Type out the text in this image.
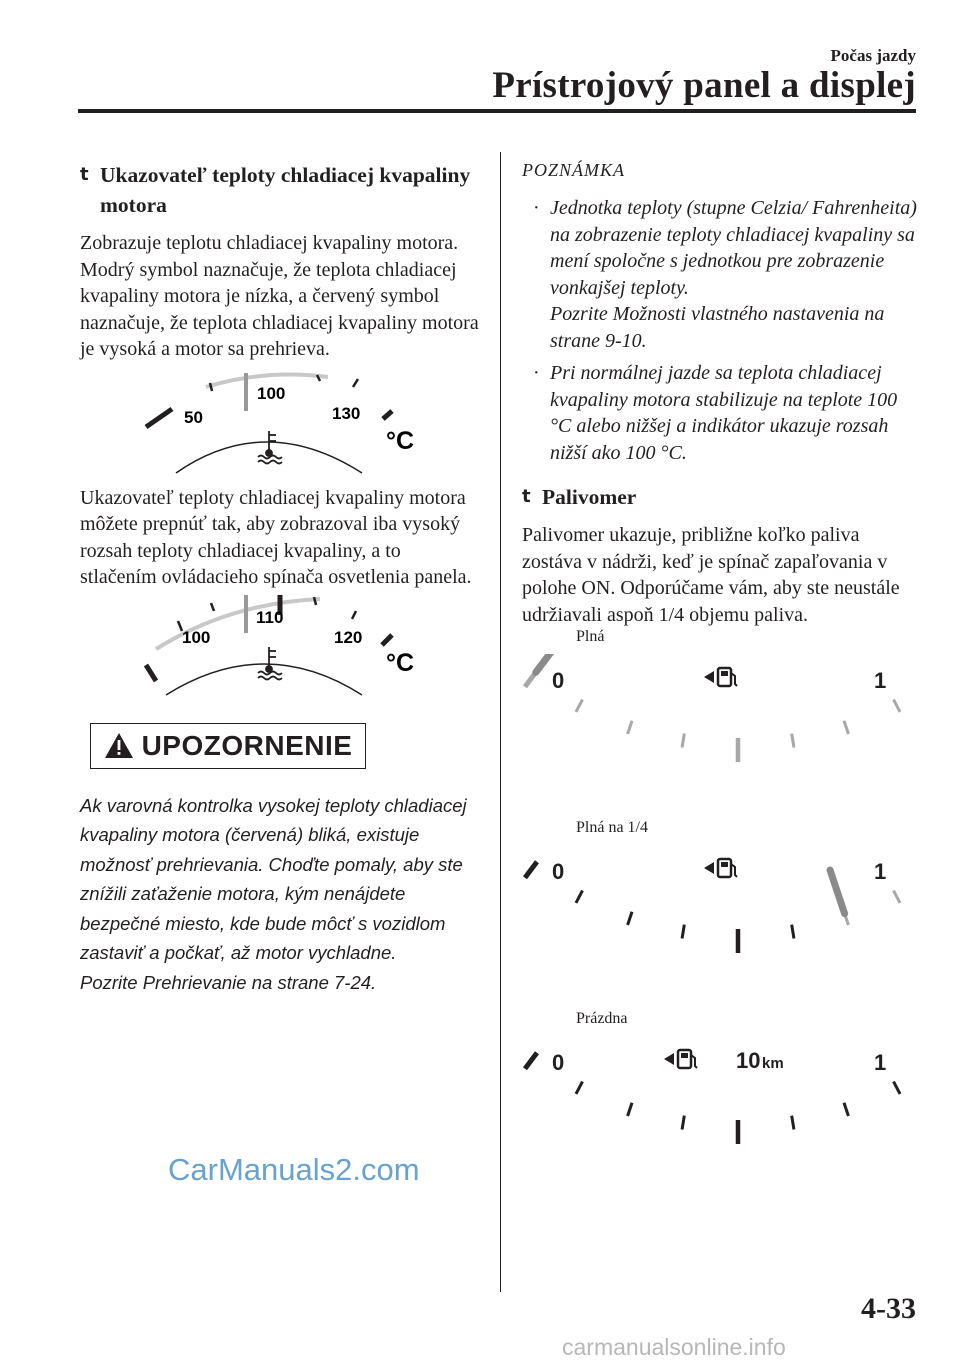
Počas jazdy
Prístrojový panel a displej
t Ukazovateľ teploty chladiacej kvapaliny motora

Zobrazuje teplotu chladiacej kvapaliny motora. Modrý symbol naznačuje, že teplota chladiacej kvapaliny motora je nízka, a červený symbol naznačuje, že teplota chladiacej kvapaliny motora je vysoká a motor sa prehrieva.

50
100
130
°C

Ukazovateľ teploty chladiacej kvapaliny motora môžete prepnúť tak, aby zobrazoval iba vysoký rozsah teploty chladiacej kvapaliny, a to stlačením ovládacieho spínača osvetlenia panela.

100
110
120
°C
UPOZORNENIE
Ak varovná kontrolka vysokej teploty chladiacej kvapaliny motora (červená) bliká, existuje možnosť prehrievania. Choďte pomaly, aby ste znížili zaťaženie motora, kým nenájdete bezpečné miesto, kde bude môcť s vozidlom zastaviť a počkať, až motor vychladne.
Pozrite Prehrievanie na strane 7-24.
POZNÁMKA
· Jednotka teploty (stupne Celzia/ Fahrenheita) na zobrazenie teploty chladiacej kvapaliny sa mení spoločne s jednotkou pre zobrazenie vonkajšej teploty.
Pozrite Možnosti vlastného nastavenia na strane 9-10.
· Pri normálnej jazde sa teplota chladiacej kvapaliny motora stabilizuje na teplote 100 °C alebo nižšej a indikátor ukazuje rozsah nižší ako 100 °C.
t Palivomer

Palivomer ukazuje, približne koľko paliva zostáva v nádrži, keď je spínač zapaľovania v polohe ON. Odporúčame vám, aby ste neustále udržiavali aspoň 1/4 objemu paliva.

Plná
0	1
Plná na 1/4
0	1
Prázdna
0	1
10 km
4-33
CarManuals2.com
carmanualsonline.info
